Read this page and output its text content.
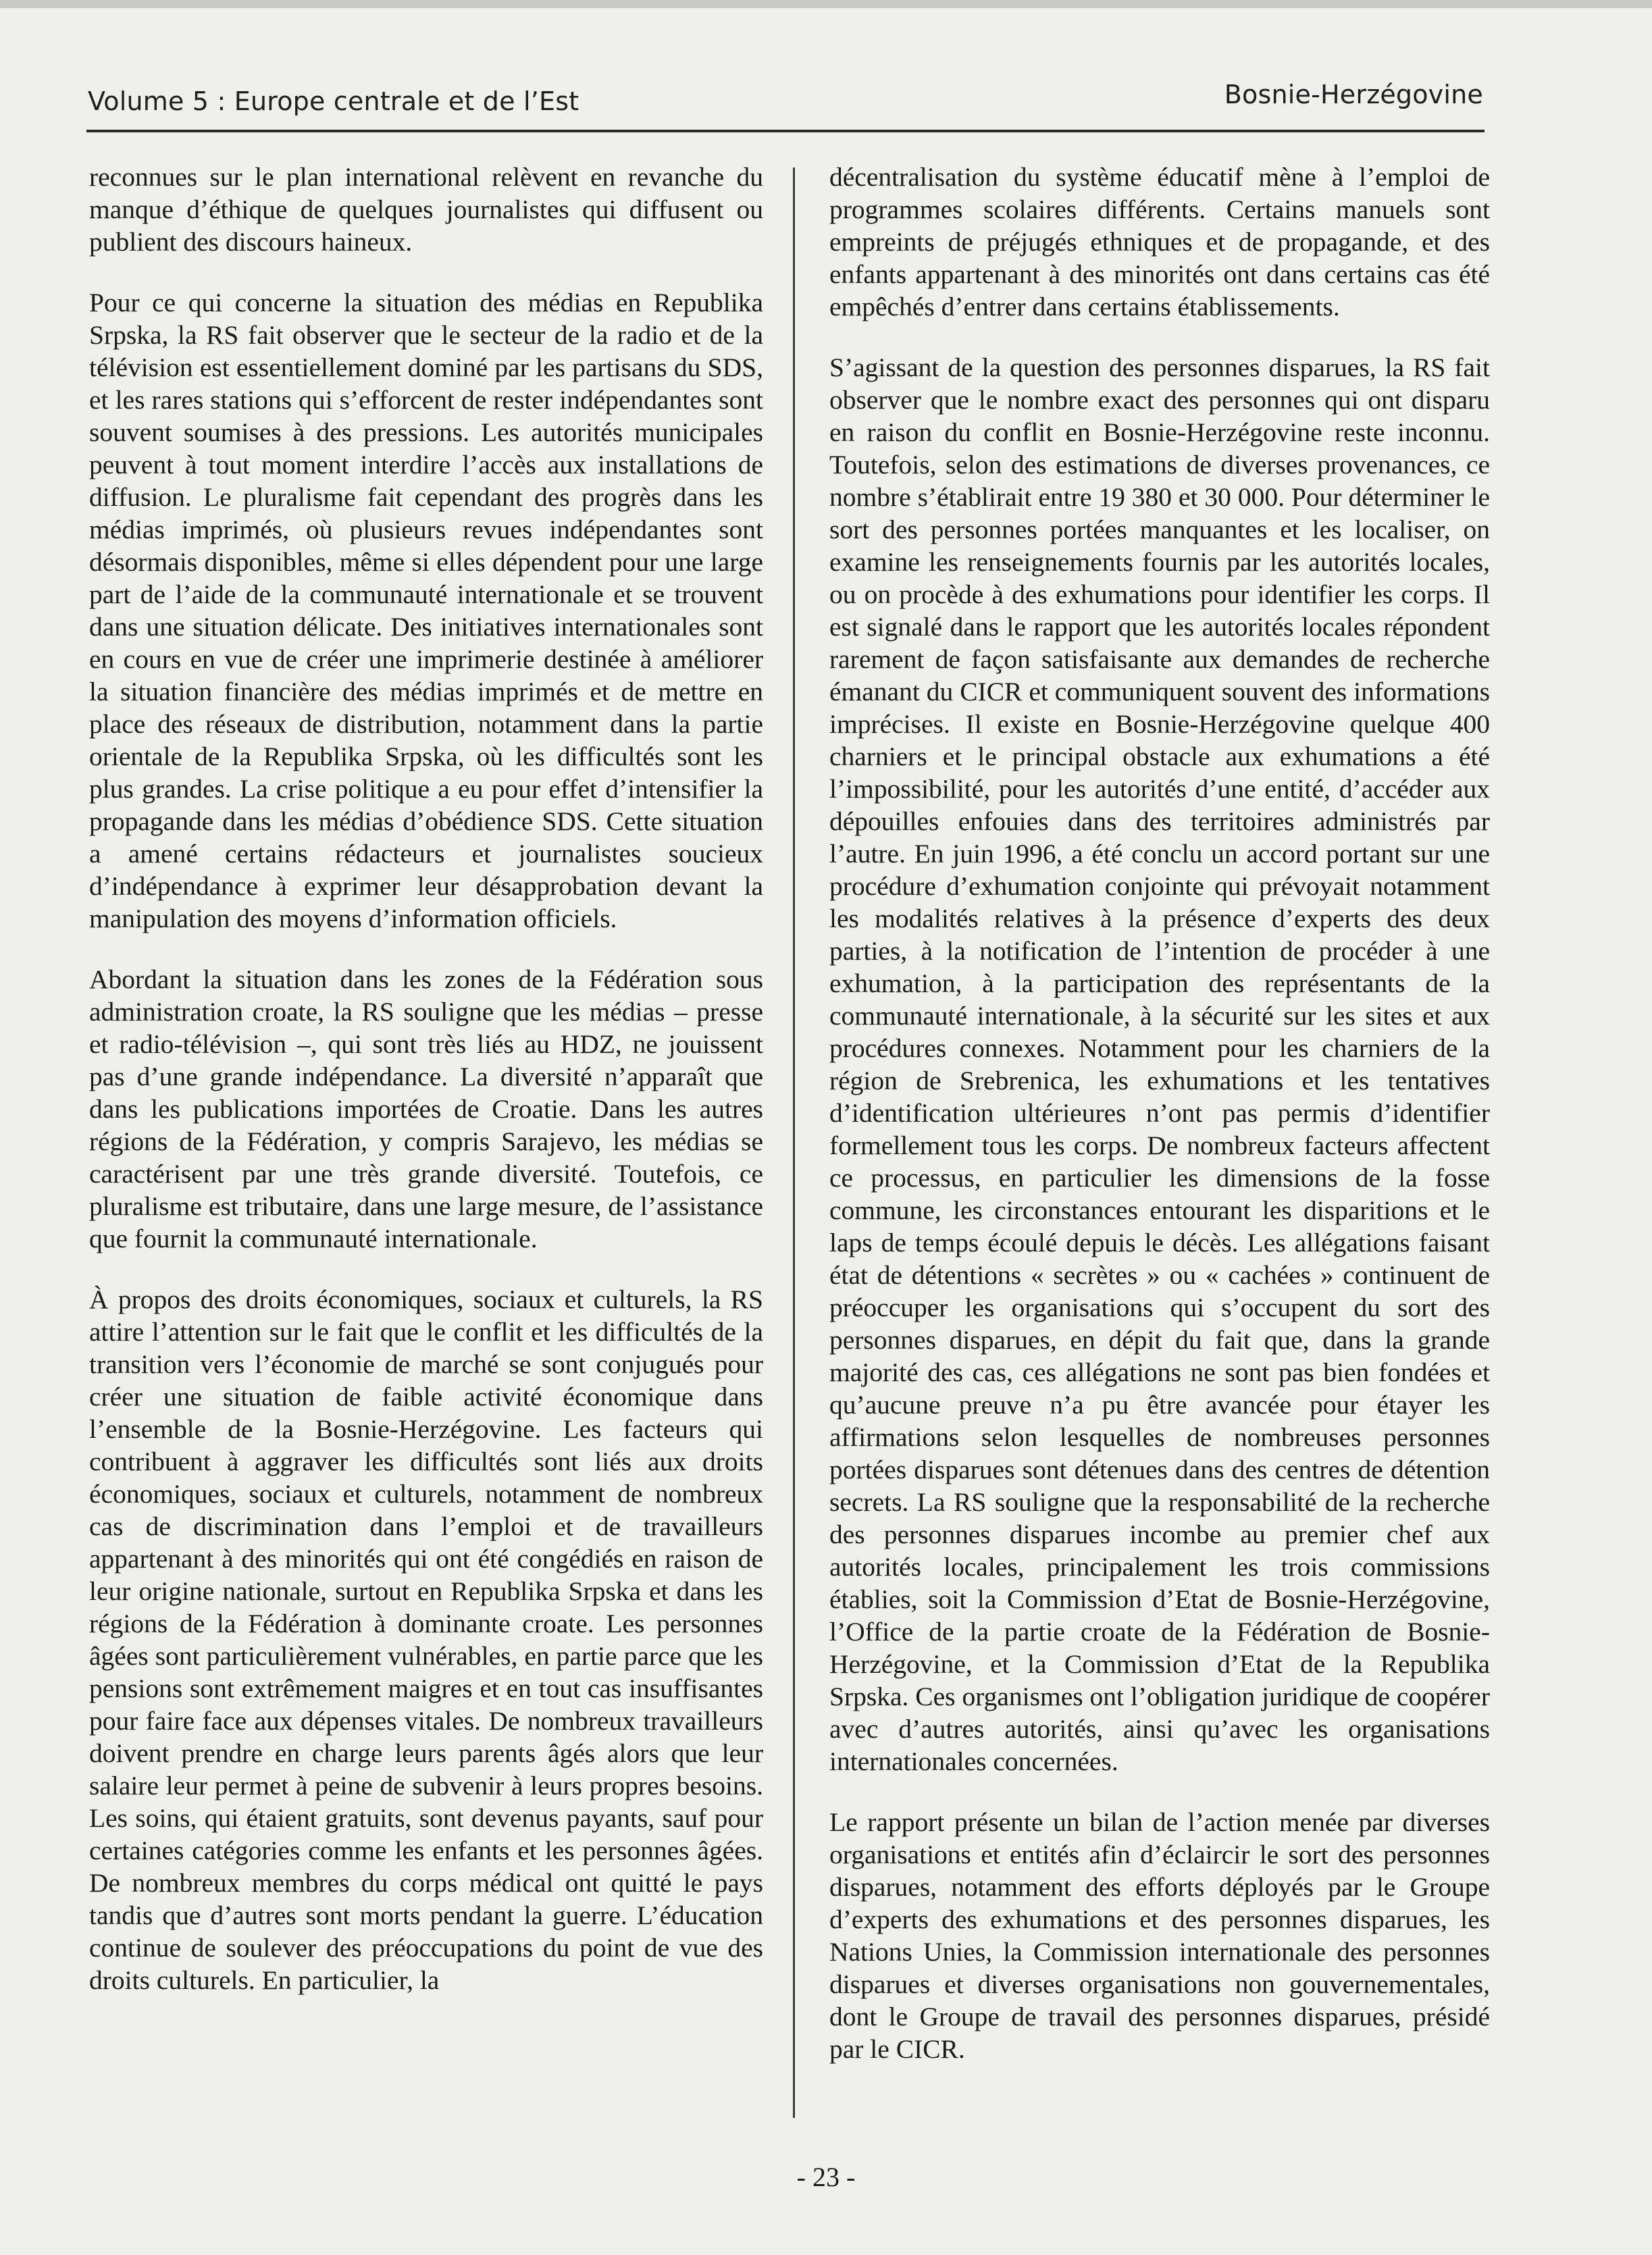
Volume 5 : Europe centrale et de l’Est	Bosnie-Herzégovine

reconnues sur le plan international relèvent en revanche du manque d’éthique de quelques journalistes qui diffusent ou publient des discours haineux.

Pour ce qui concerne la situation des médias en Republika Srpska, la RS fait observer que le secteur de la radio et de la télévision est essentiellement dominé par les partisans du SDS, et les rares stations qui s’efforcent de rester indépendantes sont souvent soumises à des pressions. Les autorités municipales peuvent à tout moment interdire l’accès aux installations de diffusion. Le pluralisme fait cependant des progrès dans les médias imprimés, où plusieurs revues indépendantes sont désormais disponibles, même si elles dépendent pour une large part de l’aide de la communauté internationale et se trouvent dans une situation délicate. Des initiatives internationales sont en cours en vue de créer une imprimerie destinée à améliorer la situation financière des médias imprimés et de mettre en place des réseaux de distribution, notamment dans la partie orientale de la Republika Srpska, où les difficultés sont les plus grandes. La crise politique a eu pour effet d’intensifier la propagande dans les médias d’obédience SDS. Cette situation a amené certains rédacteurs et journalistes soucieux d’indépendance à exprimer leur désapprobation devant la manipulation des moyens d’information officiels.

Abordant la situation dans les zones de la Fédération sous administration croate, la RS souligne que les médias – presse et radio-télévision –, qui sont très liés au HDZ, ne jouissent pas d’une grande indépendance. La diversité n’apparaît que dans les publications importées de Croatie. Dans les autres régions de la Fédération, y compris Sarajevo, les médias se caractérisent par une très grande diversité. Toutefois, ce pluralisme est tributaire, dans une large mesure, de l’assistance que fournit la communauté internationale.

À propos des droits économiques, sociaux et culturels, la RS attire l’attention sur le fait que le conflit et les difficultés de la transition vers l’économie de marché se sont conjugués pour créer une situation de faible activité économique dans l’ensemble de la Bosnie-Herzégovine. Les facteurs qui contribuent à aggraver les difficultés sont liés aux droits économiques, sociaux et culturels, notamment de nombreux cas de discrimination dans l’emploi et de travailleurs appartenant à des minorités qui ont été congédiés en raison de leur origine nationale, surtout en Republika Srpska et dans les régions de la Fédération à dominante croate. Les personnes âgées sont particulièrement vulnérables, en partie parce que les pensions sont extrêmement maigres et en tout cas insuffisantes pour faire face aux dépenses vitales. De nombreux travailleurs doivent prendre en charge leurs parents âgés alors que leur salaire leur permet à peine de subvenir à leurs propres besoins. Les soins, qui étaient gratuits, sont devenus payants, sauf pour certaines catégories comme les enfants et les personnes âgées. De nombreux membres du corps médical ont quitté le pays tandis que d’autres sont morts pendant la guerre. L’éducation continue de soulever des préoccupations du point de vue des droits culturels. En particulier, la

décentralisation du système éducatif mène à l’emploi de programmes scolaires différents. Certains manuels sont empreints de préjugés ethniques et de propagande, et des enfants appartenant à des minorités ont dans certains cas été empêchés d’entrer dans certains établissements.

S’agissant de la question des personnes disparues, la RS fait observer que le nombre exact des personnes qui ont disparu en raison du conflit en Bosnie-Herzégovine reste inconnu. Toutefois, selon des estimations de diverses provenances, ce nombre s’établirait entre 19 380 et 30 000. Pour déterminer le sort des personnes portées manquantes et les localiser, on examine les renseignements fournis par les autorités locales, ou on procède à des exhumations pour identifier les corps. Il est signalé dans le rapport que les autorités locales répondent rarement de façon satisfaisante aux demandes de recherche émanant du CICR et communiquent souvent des informations imprécises. Il existe en Bosnie-Herzégovine quelque 400 charniers et le principal obstacle aux exhumations a été l’impossibilité, pour les autorités d’une entité, d’accéder aux dépouilles enfouies dans des territoires administrés par l’autre. En juin 1996, a été conclu un accord portant sur une procédure d’exhumation conjointe qui prévoyait notamment les modalités relatives à la présence d’experts des deux parties, à la notification de l’intention de procéder à une exhumation, à la participation des représentants de la communauté internationale, à la sécurité sur les sites et aux procédures connexes. Notamment pour les charniers de la région de Srebrenica, les exhumations et les tentatives d’identification ultérieures n’ont pas permis d’identifier formellement tous les corps. De nombreux facteurs affectent ce processus, en particulier les dimensions de la fosse commune, les circonstances entourant les disparitions et le laps de temps écoulé depuis le décès. Les allégations faisant état de détentions « secrètes » ou « cachées » continuent de préoccuper les organisations qui s’occupent du sort des personnes disparues, en dépit du fait que, dans la grande majorité des cas, ces allégations ne sont pas bien fondées et qu’aucune preuve n’a pu être avancée pour étayer les affirmations selon lesquelles de nombreuses personnes portées disparues sont détenues dans des centres de détention secrets. La RS souligne que la responsabilité de la recherche des personnes disparues incombe au premier chef aux autorités locales, principalement les trois commissions établies, soit la Commission d’Etat de Bosnie-Herzégovine, l’Office de la partie croate de la Fédération de Bosnie-Herzégovine, et la Commission d’Etat de la Republika Srpska. Ces organismes ont l’obligation juridique de coopérer avec d’autres autorités, ainsi qu’avec les organisations internationales concernées.

Le rapport présente un bilan de l’action menée par diverses organisations et entités afin d’éclaircir le sort des personnes disparues, notamment des efforts déployés par le Groupe d’experts des exhumations et des personnes disparues, les Nations Unies, la Commission internationale des personnes disparues et diverses organisations non gouvernementales, dont le Groupe de travail des personnes disparues, présidé par le CICR.

- 23 -
